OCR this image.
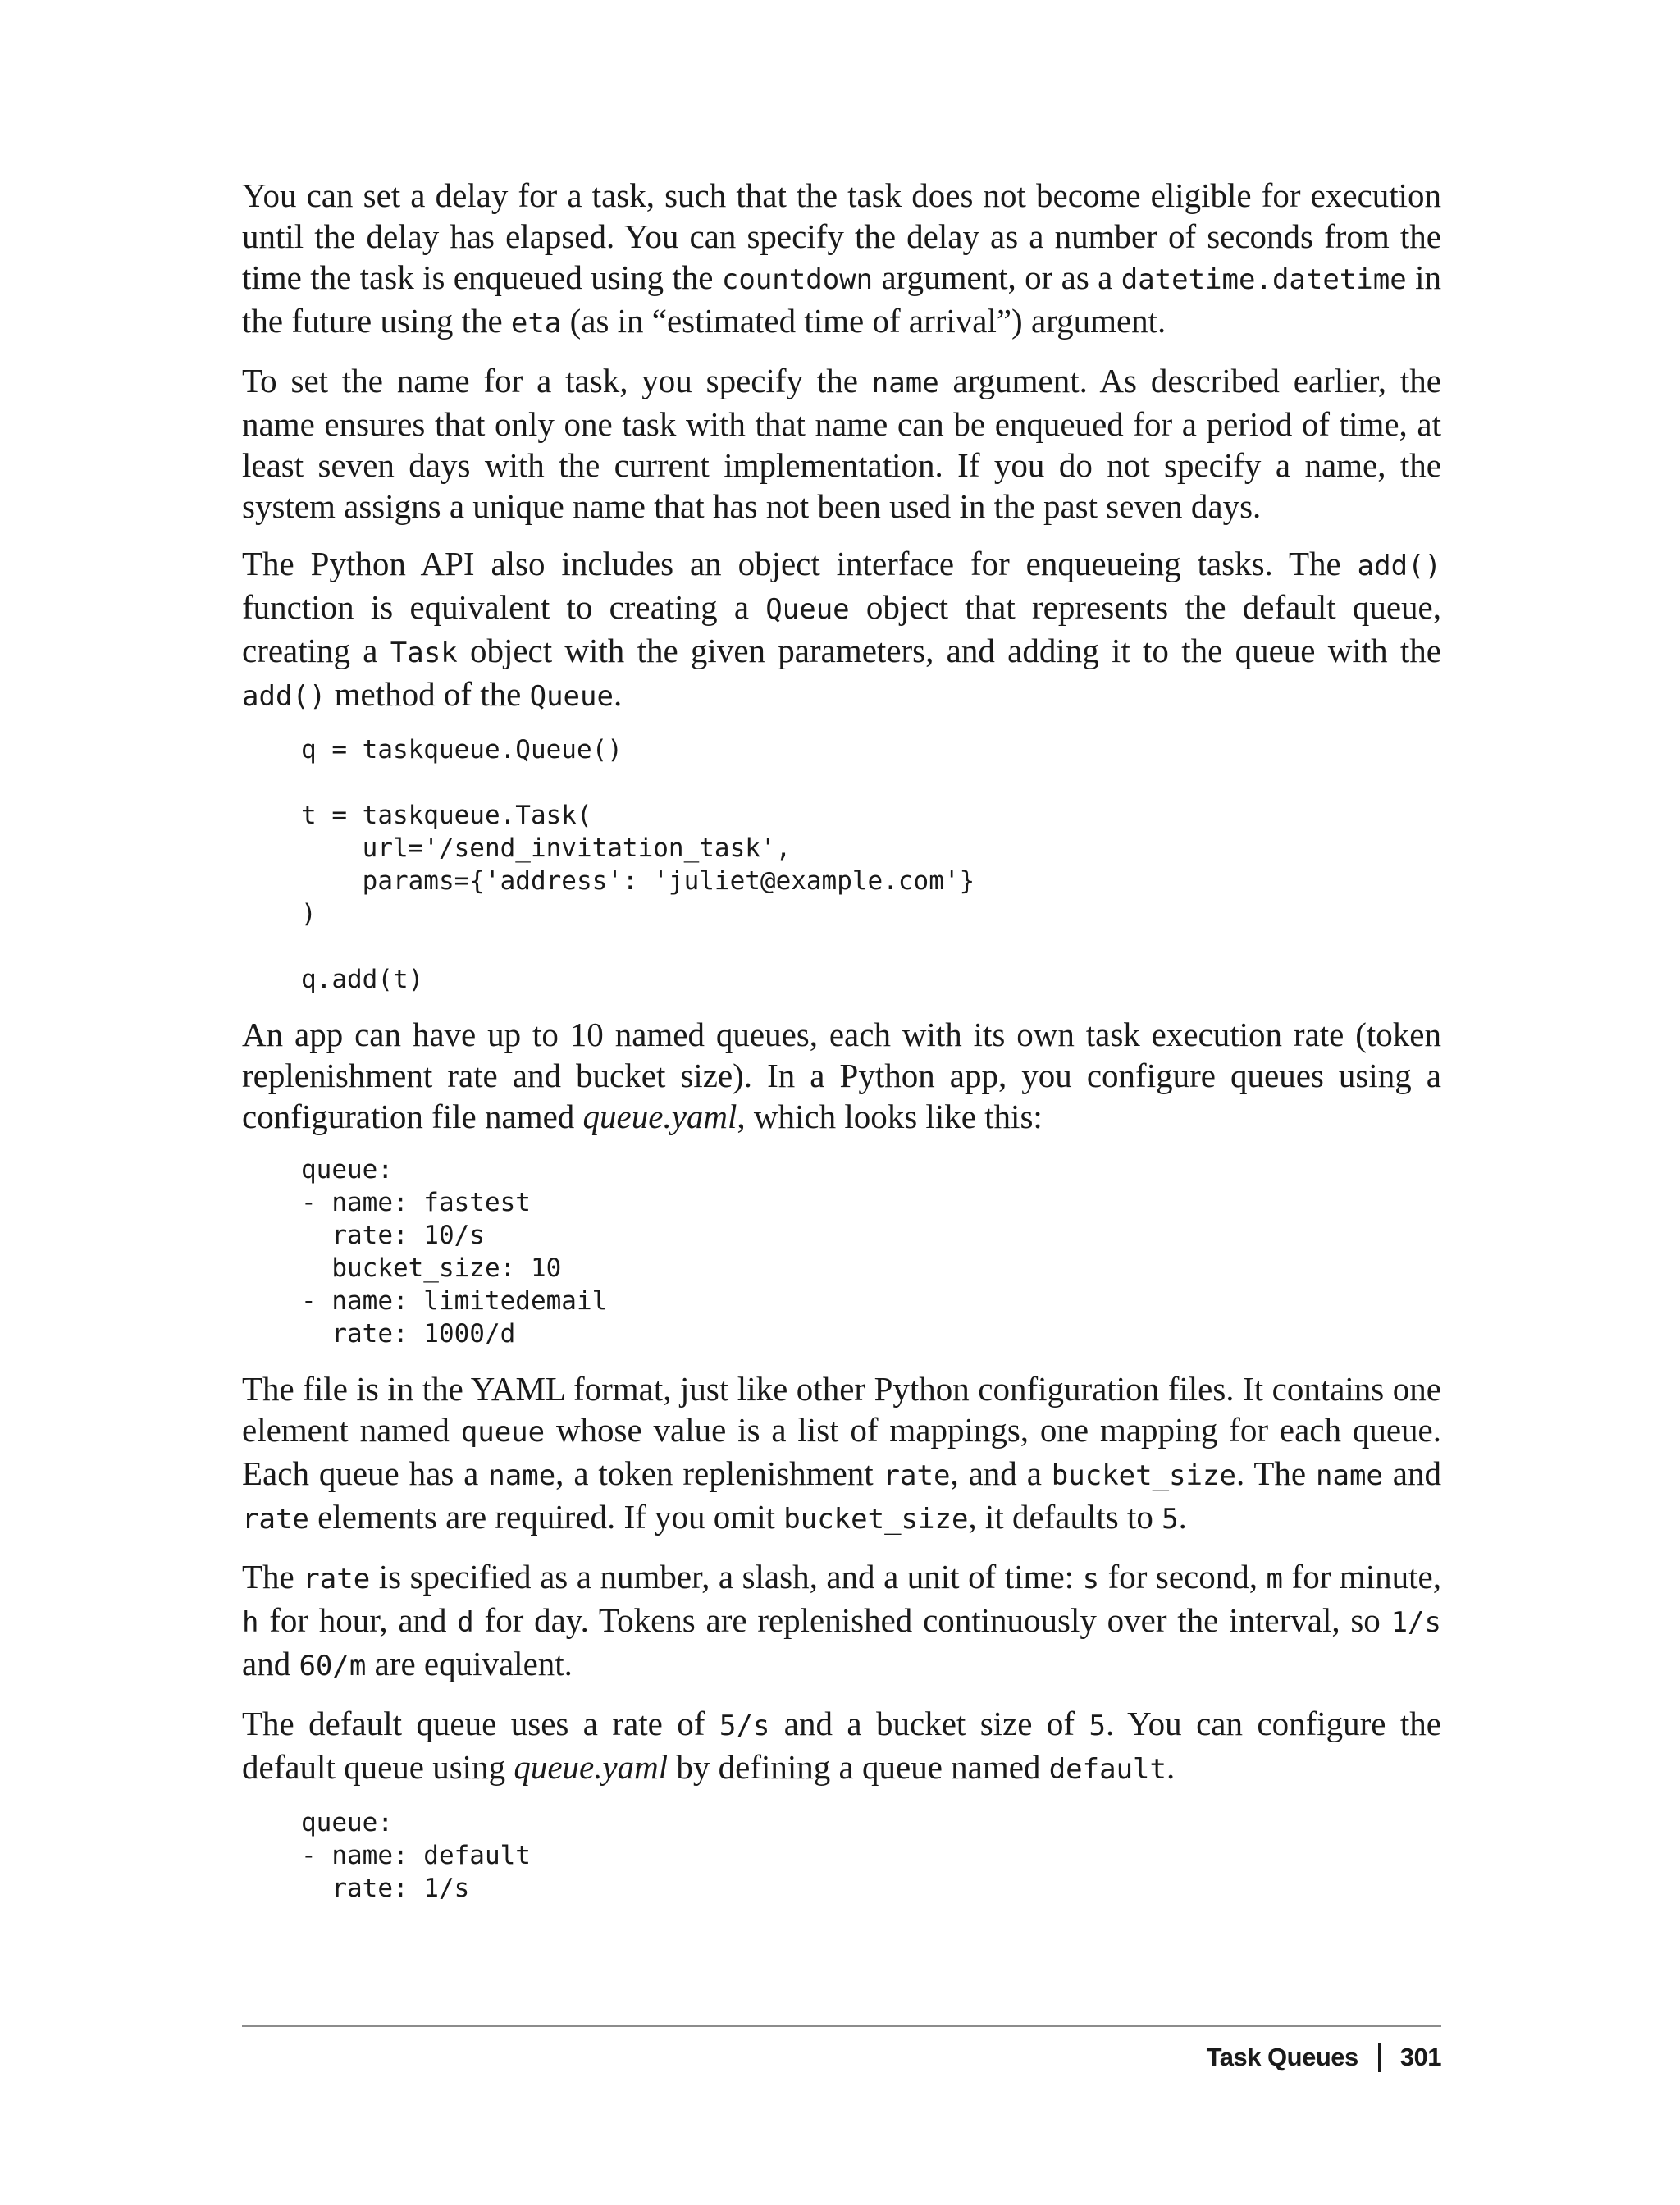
You can set a delay for a task, such that the task does not become eligible for execution until the delay has elapsed. You can specify the delay as a number of seconds from the time the task is enqueued using the countdown argument, or as a datetime.datetime in the future using the eta (as in “estimated time of arrival”) argument.

To set the name for a task, you specify the name argument. As described earlier, the name ensures that only one task with that name can be enqueued for a period of time, at least seven days with the current implementation. If you do not specify a name, the system assigns a unique name that has not been used in the past seven days.

The Python API also includes an object interface for enqueueing tasks. The add() function is equivalent to creating a Queue object that represents the default queue, creating a Task object with the given parameters, and adding it to the queue with the add() method of the Queue.

q = taskqueue.Queue()

t = taskqueue.Task(
url='/send_invitation_task',
params={'address': 'juliet@example.com'}
)

q.add(t)

An app can have up to 10 named queues, each with its own task execution rate (token replenishment rate and bucket size). In a Python app, you configure queues using a configuration file named queue.yaml, which looks like this:

queue:
- name: fastest
rate: 10/s
bucket_size: 10
- name: limitedemail
rate: 1000/d

The file is in the YAML format, just like other Python configuration files. It contains one element named queue whose value is a list of mappings, one mapping for each queue. Each queue has a name, a token replenishment rate, and a bucket_size. The name and rate elements are required. If you omit bucket_size, it defaults to 5.

The rate is specified as a number, a slash, and a unit of time: s for second, m for minute, h for hour, and d for day. Tokens are replenished continuously over the interval, so 1/s and 60/m are equivalent.

The default queue uses a rate of 5/s and a bucket size of 5. You can configure the default queue using queue.yaml by defining a queue named default.

queue:
- name: default
rate: 1/s
Task Queues 301
